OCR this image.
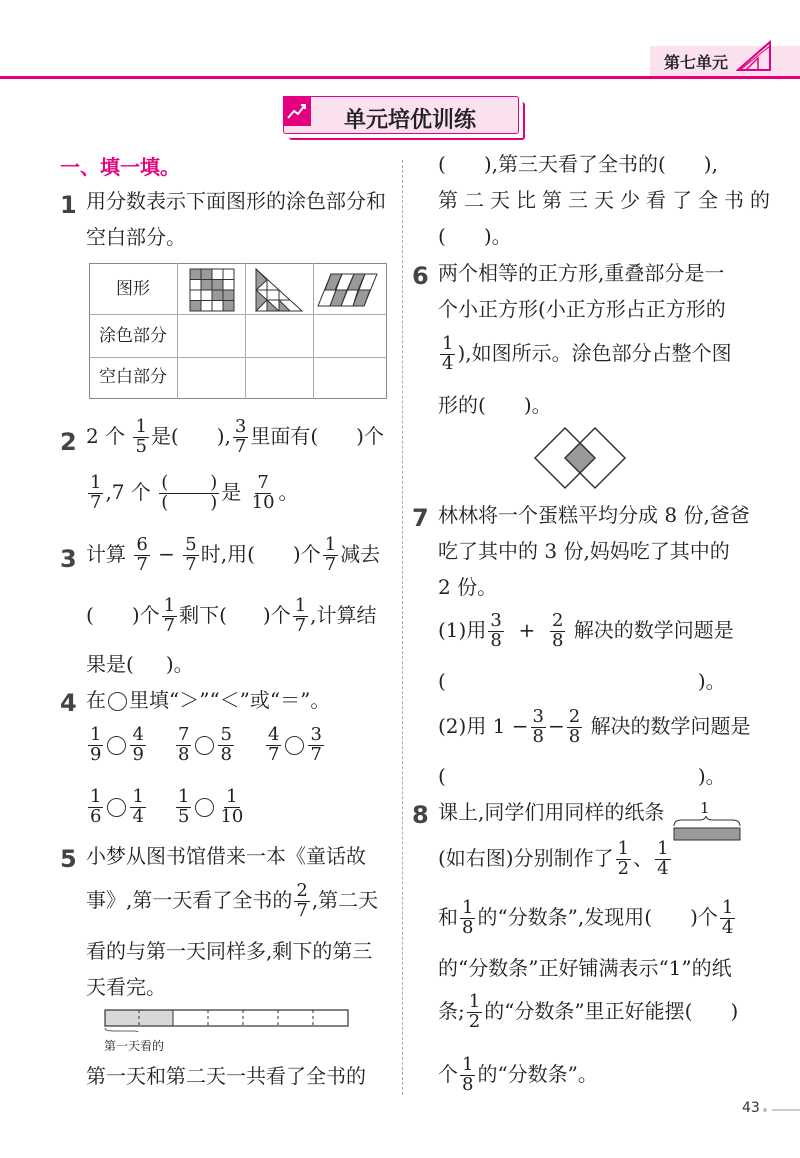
第七单元
单元培优训练
一、填一填。
1 用分数表示下面图形的涂色部分和
空白部分。
图形
涂色部分
空白部分
2 2 个 $\frac{1}{5}$ 是( ), $\frac{3}{7}$ 里面有( )个
$\frac{1}{7} ,7$ 个 $\frac{( )}{( )}$ 是 $\frac{7}{10}$ 。
3 计算 $\frac{6}{7} - \frac{5}{7}$ 时,用( )个 $\frac{1}{7}$ 减去
( )个 $\frac{1}{7}$ 剩下( )个 $\frac{1}{7}$ ,计算结
果是( )。
4 在 里填“＞”“＜”或“＝”。
$\frac{1}{9} \frac{4}{9} \frac{7}{8} \frac{5}{8} \frac{4}{7} \frac{3}{7}$
$\frac{1}{6} \frac{1}{4} \frac{1}{5} \frac{1}{10}$
5 小梦从图书馆借来一本《童话故
事》,第一天看了全书的 $\frac{2}{7}$ ,第二天
看的与第一天同样多,剩下的第三
天看完。
第一天看的
第一天和第二天一共看了全书的
( ),第三天看了全书的( ),
第二天比第三天少看了全书的
( )。
6 两个相等的正方形,重叠部分是一
个小正方形(小正方形占正方形的
$\frac{1}{4}$ ),如图所示。涂色部分占整个图
形的( )。
7 林林将一个蛋糕平均分成 8 份,爸爸
吃了其中的 3 份,妈妈吃了其中的
2 份。
(1)用 $\frac{3}{8} + \frac{2}{8}$ 解决的数学问题是
(	)。
(2)用 $1 - \frac{3}{8} - \frac{2}{8}$ 解决的数学问题是
(	)。
8 课上,同学们用同样的纸条 1
(如右图)分别制作了 $\frac{1}{2}$ 、 $\frac{1}{4}$
和 $\frac{1}{8}$ 的“分数条”,发现用( )个 $\frac{1}{4}$
的“分数条”正好铺满表示“1”的纸
条; $\frac{1}{2}$ 的“分数条”里正好能摆( )
个 $\frac{1}{8}$ 的“分数条”。
43
